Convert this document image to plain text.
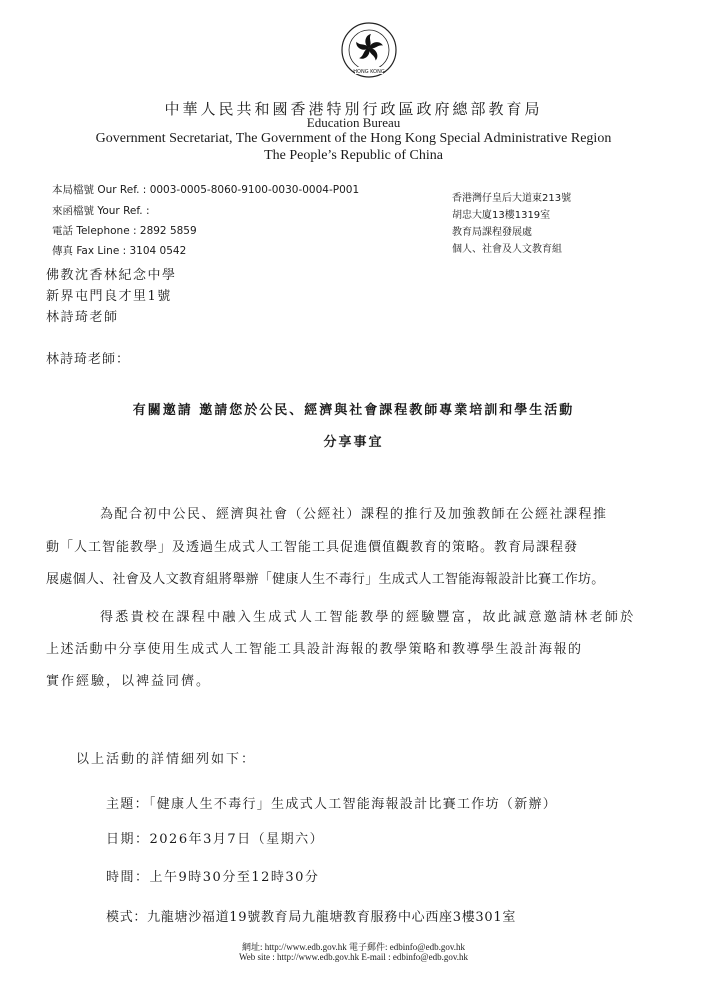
HONG KONG
中華人民共和國香港特別行政區政府總部教育局
Education Bureau
Government Secretariat, The Government of the Hong Kong Special Administrative Region
The People’s Republic of China
本局檔號 Our Ref. : 0003-0005-8060-9100-0030-0004-P001
來函檔號 Your Ref. :
電話 Telephone : 2892 5859
傳真 Fax Line : 3104 0542
香港灣仔皇后大道東213號
胡忠大廈13樓1319室
教育局課程發展處
個人、社會及人文教育組
佛教沈香林紀念中學
新界屯門良才里1號
林詩琦老師
林詩琦老師：
有關邀請 邀請您於公民、經濟與社會課程教師專業培訓和學生活動
分享事宜
為配合初中公民、經濟與社會（公經社）課程的推行及加強教師在公經社課程推
動「人工智能教學」及透過生成式人工智能工具促進價值觀教育的策略。教育局課程發
展處個人、社會及人文教育組將舉辦「健康人生不毒行」生成式人工智能海報設計比賽工作坊。
得悉貴校在課程中融入生成式人工智能教學的經驗豐富，故此誠意邀請林老師於
上述活動中分享使用生成式人工智能工具設計海報的教學策略和教導學生設計海報的
實作經驗，以裨益同儕。
以上活動的詳情細列如下：
主題：「健康人生不毒行」生成式人工智能海報設計比賽工作坊（新辦）
日期：2026年3月7日（星期六）
時間：上午9時30分至12時30分
模式：九龍塘沙福道19號教育局九龍塘教育服務中心西座3樓301室
網址: http://www.edb.gov.hk 電子郵件: edbinfo@edb.gov.hk
Web site : http://www.edb.gov.hk E-mail : edbinfo@edb.gov.hk
